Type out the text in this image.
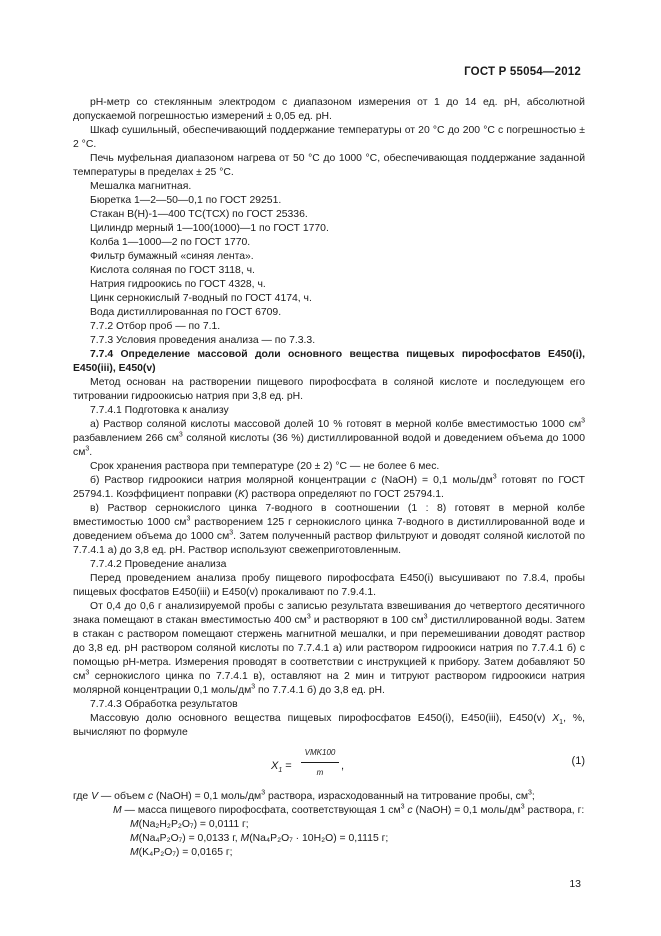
ГОСТ Р 55054—2012

pH-метр со стеклянным электродом с диапазоном измерения от 1 до 14 ед. pH, абсолютной допускаемой погрешностью измерений ± 0,05 ед. pH.

Шкаф сушильный, обеспечивающий поддержание температуры от 20 °С до 200 °С с погрешностью ± 2 °С.

Печь муфельная диапазоном нагрева от 50 °С до 1000 °С, обеспечивающая поддержание заданной температуры в пределах ± 25 °С.

Мешалка магнитная.

Бюретка 1—2—50—0,1 по ГОСТ 29251.

Стакан В(Н)-1—400 ТС(ТСХ) по ГОСТ 25336.

Цилиндр мерный 1—100(1000)—1 по ГОСТ 1770.

Колба 1—1000—2 по ГОСТ 1770.

Фильтр бумажный «синяя лента».

Кислота соляная по ГОСТ 3118, ч.

Натрия гидроокись по ГОСТ 4328, ч.

Цинк сернокислый 7-водный по ГОСТ 4174, ч.

Вода дистиллированная по ГОСТ 6709.

7.7.2 Отбор проб — по 7.1.

7.7.3 Условия проведения анализа — по 7.3.3.

7.7.4 Определение массовой доли основного вещества пищевых пирофосфатов Е450(i), Е450(iii), Е450(v)

Метод основан на растворении пищевого пирофосфата в соляной кислоте и последующем его титровании гидроокисью натрия при 3,8 ед. pH.

7.7.4.1 Подготовка к анализу

а) Раствор соляной кислоты массовой долей 10 % готовят в мерной колбе вместимостью 1000 $см^3$ разбавлением 266 $см^3$ соляной кислоты (36 %) дистиллированной водой и доведением объема до 1000 $см^3$.

Срок хранения раствора при температуре (20 ± 2) °С — не более 6 мес.

б) Раствор гидроокиси натрия молярной концентрации c (NaOH) = 0,1 моль/$дм^3$ готовят по ГОСТ 25794.1. Коэффициент поправки (K) раствора определяют по ГОСТ 25794.1.

в) Раствор сернокислого цинка 7-водного в соотношении (1 : 8) готовят в мерной колбе вместимостью 1000 $см^3$ растворением 125 г сернокислого цинка 7-водного в дистиллированной воде и доведением объема до 1000 $см^3$. Затем полученный раствор фильтруют и доводят соляной кислотой по 7.7.4.1 а) до 3,8 ед. pH. Раствор используют свежеприготовленным.

7.7.4.2 Проведение анализа

Перед проведением анализа пробу пищевого пирофосфата Е450(i) высушивают по 7.8.4, пробы пищевых фосфатов Е450(iii) и Е450(v) прокаливают по 7.9.4.1.

От 0,4 до 0,6 г анализируемой пробы с записью результата взвешивания до четвертого десятичного знака помещают в стакан вместимостью 400 $см^3$ и растворяют в 100 $см^3$ дистиллированной воды. Затем в стакан с раствором помещают стержень магнитной мешалки, и при перемешивании доводят раствор до 3,8 ед. pH раствором соляной кислоты по 7.7.4.1 а) или раствором гидроокиси натрия по 7.7.4.1 б) с помощью pH-метра. Измерения проводят в соответствии с инструкцией к прибору. Затем добавляют 50 $см^3$ сернокислого цинка по 7.7.4.1 в), оставляют на 2 мин и титруют раствором гидроокиси натрия молярной концентрации 0,1 моль/$дм^3$ по 7.7.4.1 б) до 3,8 ед. pH.

7.7.4.3 Обработка результатов

Массовую долю основного вещества пищевых пирофосфатов Е450(i), Е450(iii), Е450(v) $X_1$, %, вычисляют по формуле

$X_1$ =
VMK100
m
,	(1)

где V — объем c (NaOH) = 0,1 моль/$дм^3$ раствора, израсходованный на титрование пробы, $см^3$;

M — масса пищевого пирофосфата, соответствующая 1 $см^3$ c (NaOH) = 0,1 моль/$дм^3$ раствора, г:

M(Na₂H₂P₂O₇) = 0,0111 г;

M(Na₄P₂O₇) = 0,0133 г, M(Na₄P₂O₇ · 10H₂O) = 0,1115 г;

M(K₄P₂O₇) = 0,0165 г;

13
